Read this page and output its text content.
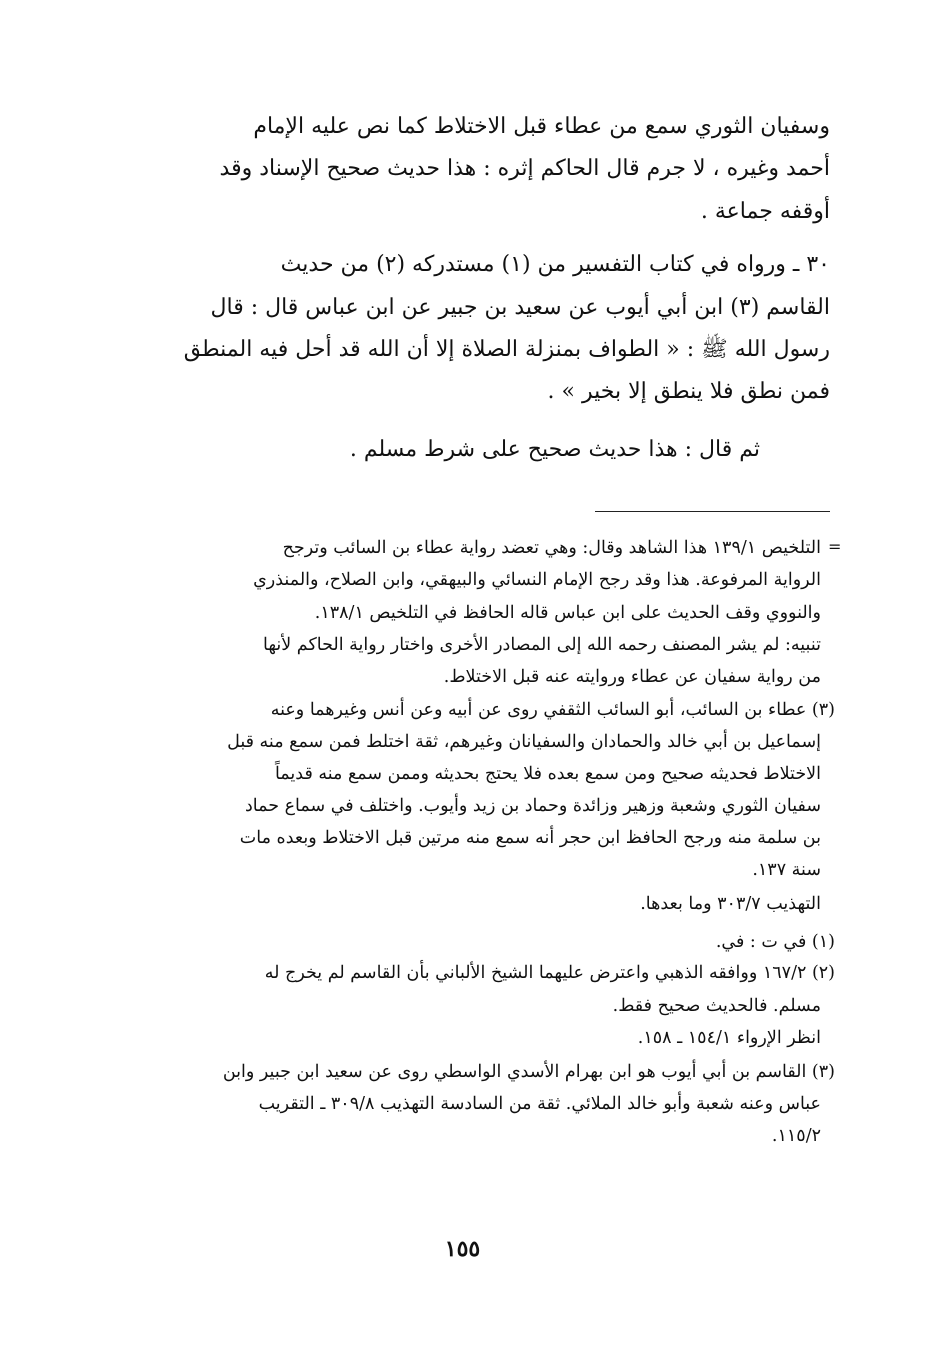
وسفيان الثوري سمع من عطاء قبل الاختلاط كما نص عليه الإمام
أحمد وغيره ، لا جرم قال الحاكم إثره : هذا حديث صحيح الإسناد وقد
أوقفه جماعة .
٣٠ ـ ورواه في كتاب التفسير من (١) مستدركه (٢) من حديث
القاسم (٣) ابن أبي أيوب عن سعيد بن جبير عن ابن عباس قال : قال
رسول الله ﷺ : « الطواف بمنزلة الصلاة إلا أن الله قد أحل فيه المنطق
فمن نطق فلا ينطق إلا بخير » .
ثم قال : هذا حديث صحيح على شرط مسلم .
=
التلخيص ١٣٩/١ هذا الشاهد وقال: وهي تعضد رواية عطاء بن السائب وترجح
الرواية المرفوعة. هذا وقد رجح الإمام النسائي والبيهقي، وابن الصلاح، والمنذري
والنووي وقف الحديث على ابن عباس قاله الحافظ في التلخيص ١٣٨/١.
تنبيه: لم يشر المصنف رحمه الله إلى المصادر الأخرى واختار رواية الحاكم لأنها
من رواية سفيان عن عطاء وروايته عنه قبل الاختلاط.
(٣) عطاء بن السائب، أبو السائب الثقفي روى عن أبيه وعن أنس وغيرهما وعنه
إسماعيل بن أبي خالد والحمادان والسفيانان وغيرهم، ثقة اختلط فمن سمع منه قبل
الاختلاط فحديثه صحيح ومن سمع بعده فلا يحتج بحديثه وممن سمع منه قديماً
سفيان الثوري وشعبة وزهير وزائدة وحماد بن زيد وأيوب. واختلف في سماع حماد
بن سلمة منه ورجح الحافظ ابن حجر أنه سمع منه مرتين قبل الاختلاط وبعده مات
سنة ١٣٧.
التهذيب ٣٠٣/٧ وما بعدها.
(١) في ت : في.
(٢) ١٦٧/٢ ووافقه الذهبي واعترض عليهما الشيخ الألباني بأن القاسم لم يخرج له
مسلم. فالحديث صحيح فقط.
انظر الإرواء ١٥٤/١ ـ ١٥٨.
(٣) القاسم بن أبي أيوب هو ابن بهرام الأسدي الواسطي روى عن سعيد ابن جبير وابن
عباس وعنه شعبة وأبو خالد الملائي. ثقة من السادسة التهذيب ٣٠٩/٨ ـ التقريب
١١٥/٢.
١٥٥
